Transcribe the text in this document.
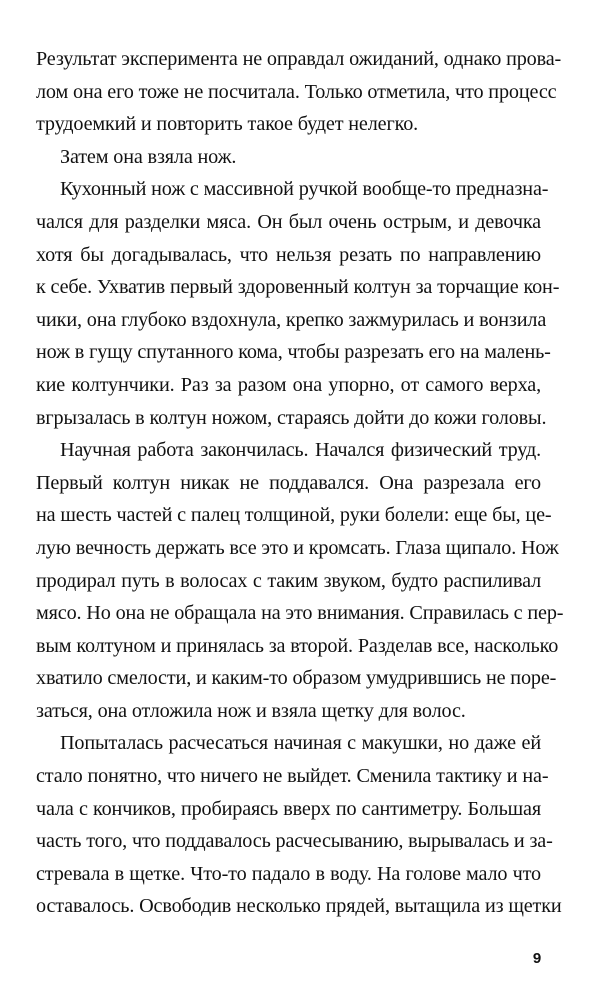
Результат эксперимента не оправдал ожиданий, однако прова-
лом она его тоже не посчитала. Только отметила, что процесс
трудоемкий и повторить такое будет нелегко.
Затем она взяла нож.
Кухонный нож с массивной ручкой вообще-то предназна-
чался для разделки мяса. Он был очень острым, и девочка
хотя бы догадывалась, что нельзя резать по направлению
к себе. Ухватив первый здоровенный колтун за торчащие кон-
чики, она глубоко вздохнула, крепко зажмурилась и вонзила
нож в гущу спутанного кома, чтобы разрезать его на малень-
кие колтунчики. Раз за разом она упорно, от самого верха,
вгрызалась в колтун ножом, стараясь дойти до кожи головы.
Научная работа закончилась. Начался физический труд.
Первый колтун никак не поддавался. Она разрезала его
на шесть частей с палец толщиной, руки болели: еще бы, це-
лую вечность держать все это и кромсать. Глаза щипало. Нож
продирал путь в волосах с таким звуком, будто распиливал
мясо. Но она не обращала на это внимания. Справилась с пер-
вым колтуном и принялась за второй. Разделав все, насколько
хватило смелости, и каким-то образом умудрившись не поре-
заться, она отложила нож и взяла щетку для волос.
Попыталась расчесаться начиная с макушки, но даже ей
стало понятно, что ничего не выйдет. Сменила тактику и на-
чала с кончиков, пробираясь вверх по сантиметру. Большая
часть того, что поддавалось расчесыванию, вырывалась и за-
стревала в щетке. Что-то падало в воду. На голове мало что
оставалось. Освободив несколько прядей, вытащила из щетки
9
